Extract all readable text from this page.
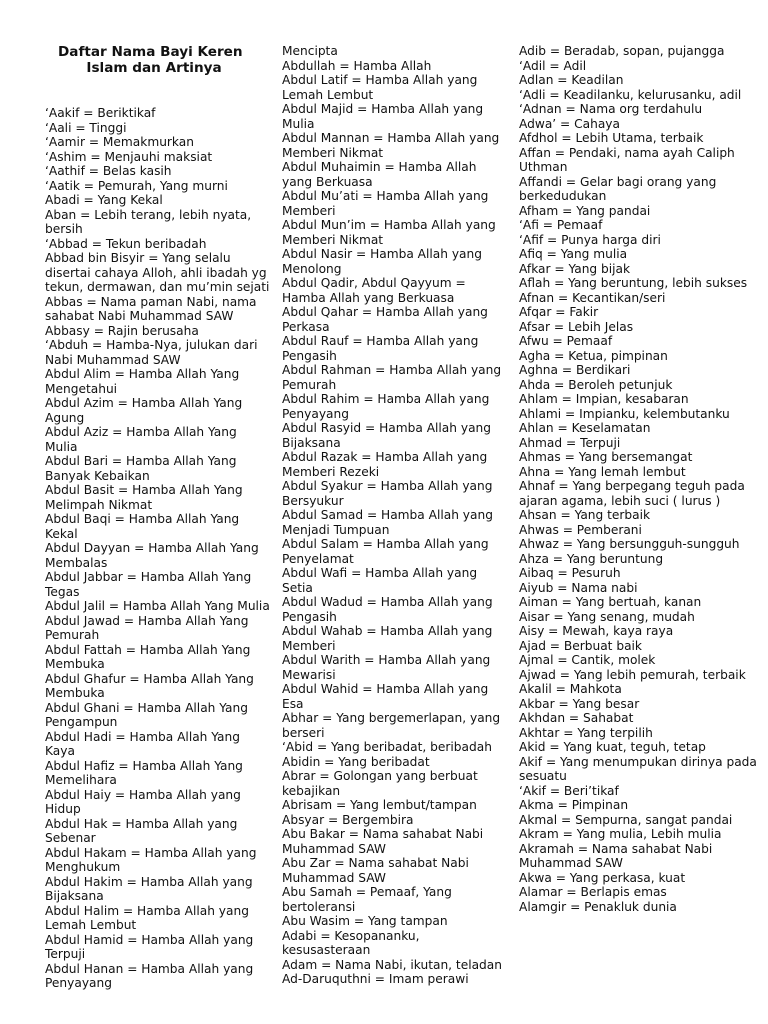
Daftar Nama Bayi Keren
Islam dan Artinya
‘Aakif = Beriktikaf
‘Aali = Tinggi
‘Aamir = Memakmurkan
‘Ashim = Menjauhi maksiat
‘Aathif = Belas kasih
‘Aatik = Pemurah, Yang murni
Abadi = Yang Kekal
Aban = Lebih terang, lebih nyata, bersih
‘Abbad = Tekun beribadah
Abbad bin Bisyir = Yang selalu disertai cahaya Alloh, ahli ibadah yg tekun, dermawan, dan mu’min sejati
Abbas = Nama paman Nabi, nama sahabat Nabi Muhammad SAW
Abbasy = Rajin berusaha
‘Abduh = Hamba-Nya, julukan dari Nabi Muhammad SAW
Abdul Alim = Hamba Allah Yang Mengetahui
Abdul Azim = Hamba Allah Yang Agung
Abdul Aziz = Hamba Allah Yang Mulia
Abdul Bari = Hamba Allah Yang Banyak Kebaikan
Abdul Basit = Hamba Allah Yang Melimpah Nikmat
Abdul Baqi = Hamba Allah Yang Kekal
Abdul Dayyan = Hamba Allah Yang Membalas
Abdul Jabbar = Hamba Allah Yang Tegas
Abdul Jalil = Hamba Allah Yang Mulia
Abdul Jawad = Hamba Allah Yang Pemurah
Abdul Fattah = Hamba Allah Yang Membuka
Abdul Ghafur = Hamba Allah Yang Membuka
Abdul Ghani = Hamba Allah Yang Pengampun
Abdul Hadi = Hamba Allah Yang Kaya
Abdul Hafiz = Hamba Allah Yang Memelihara
Abdul Haiy = Hamba Allah yang Hidup
Abdul Hak = Hamba Allah yang Sebenar
Abdul Hakam = Hamba Allah yang Menghukum
Abdul Hakim = Hamba Allah yang Bijaksana
Abdul Halim = Hamba Allah yang Lemah Lembut
Abdul Hamid = Hamba Allah yang Terpuji
Abdul Hanan = Hamba Allah yang Penyayang
Mencipta
Abdullah = Hamba Allah
Abdul Latif = Hamba Allah yang Lemah Lembut
Abdul Majid = Hamba Allah yang Mulia
Abdul Mannan = Hamba Allah yang Memberi Nikmat
Abdul Muhaimin = Hamba Allah yang Berkuasa
Abdul Mu’ati = Hamba Allah yang Memberi
Abdul Mun’im = Hamba Allah yang Memberi Nikmat
Abdul Nasir = Hamba Allah yang Menolong
Abdul Qadir, Abdul Qayyum = Hamba Allah yang Berkuasa
Abdul Qahar = Hamba Allah yang Perkasa
Abdul Rauf = Hamba Allah yang Pengasih
Abdul Rahman = Hamba Allah yang Pemurah
Abdul Rahim = Hamba Allah yang Penyayang
Abdul Rasyid = Hamba Allah yang Bijaksana
Abdul Razak = Hamba Allah yang Memberi Rezeki
Abdul Syakur = Hamba Allah yang Bersyukur
Abdul Samad = Hamba Allah yang Menjadi Tumpuan
Abdul Salam = Hamba Allah yang Penyelamat
Abdul Wafi = Hamba Allah yang Setia
Abdul Wadud = Hamba Allah yang Pengasih
Abdul Wahab = Hamba Allah yang Memberi
Abdul Warith = Hamba Allah yang Mewarisi
Abdul Wahid = Hamba Allah yang Esa
Abhar = Yang bergemerlapan, yang berseri
‘Abid = Yang beribadat, beribadah
Abidin = Yang beribadat
Abrar = Golongan yang berbuat kebajikan
Abrisam = Yang lembut/tampan
Absyar = Bergembira
Abu Bakar = Nama sahabat Nabi Muhammad SAW
Abu Zar = Nama sahabat Nabi Muhammad SAW
Abu Samah = Pemaaf, Yang bertoleransi
Abu Wasim = Yang tampan
Adabi = Kesopananku, kesusasteraan
Adam = Nama Nabi, ikutan, teladan
Ad-Daruquthni = Imam perawi
Adib = Beradab, sopan, pujangga
‘Adil = Adil
Adlan = Keadilan
‘Adli = Keadilanku, kelurusanku, adil
‘Adnan = Nama org terdahulu
Adwa’ = Cahaya
Afdhol = Lebih Utama, terbaik
Affan = Pendaki, nama ayah Caliph Uthman
Affandi = Gelar bagi orang yang berkedudukan
Afham = Yang pandai
‘Afi = Pemaaf
‘Afif = Punya harga diri
Afiq = Yang mulia
Afkar = Yang bijak
Aflah = Yang beruntung, lebih sukses
Afnan = Kecantikan/seri
Afqar = Fakir
Afsar = Lebih Jelas
Afwu = Pemaaf
Agha = Ketua, pimpinan
Aghna = Berdikari
Ahda = Beroleh petunjuk
Ahlam = Impian, kesabaran
Ahlami = Impianku, kelembutanku
Ahlan = Keselamatan
Ahmad = Terpuji
Ahmas = Yang bersemangat
Ahna = Yang lemah lembut
Ahnaf = Yang berpegang teguh pada ajaran agama, lebih suci ( lurus )
Ahsan = Yang terbaik
Ahwas = Pemberani
Ahwaz = Yang bersungguh-sungguh
Ahza = Yang beruntung
Aibaq = Pesuruh
Aiyub = Nama nabi
Aiman = Yang bertuah, kanan
Aisar = Yang senang, mudah
Aisy = Mewah, kaya raya
Ajad = Berbuat baik
Ajmal = Cantik, molek
Ajwad = Yang lebih pemurah, terbaik
Akalil = Mahkota
Akbar = Yang besar
Akhdan = Sahabat
Akhtar = Yang terpilih
Akid = Yang kuat, teguh, tetap
Akif = Yang menumpukan dirinya pada sesuatu
‘Akif = Beri’tikaf
Akma = Pimpinan
Akmal = Sempurna, sangat pandai
Akram = Yang mulia, Lebih mulia
Akramah = Nama sahabat Nabi Muhammad SAW
Akwa = Yang perkasa, kuat
Alamar = Berlapis emas
Alamgir = Penakluk dunia
